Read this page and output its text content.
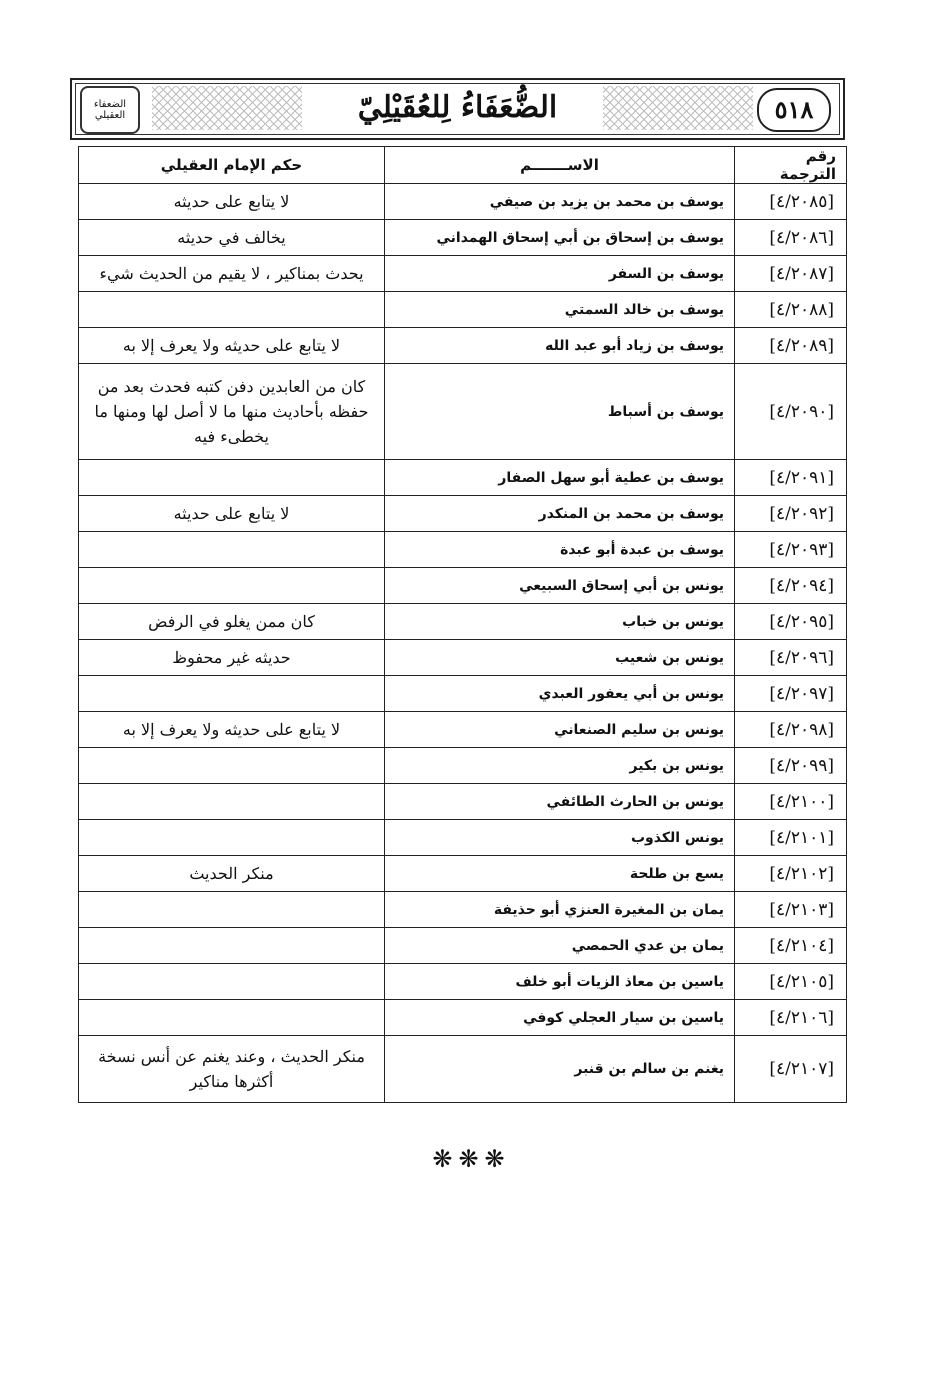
الضعفاء العقيلي	الضُّعَفَاءُ لِلعُقَيْلِيّ	٥١٨
رقم الترجمة	الاســـــــم	حكم الإمام العقيلي
[٤/٢٠٨٥]	يوسف بن محمد بن يزيد بن صيفي	لا يتابع على حديثه
[٤/٢٠٨٦]	يوسف بن إسحاق بن أبي إسحاق الهمداني	يخالف في حديثه
[٤/٢٠٨٧]	يوسف بن السفر	يحدث بمناكير ، لا يقيم من الحديث شيء
[٤/٢٠٨٨]	يوسف بن خالد السمتي	
[٤/٢٠٨٩]	يوسف بن زياد أبو عبد الله	لا يتابع على حديثه ولا يعرف إلا به
[٤/٢٠٩٠]	يوسف بن أسباط	كان من العابدين دفن كتبه فحدث بعد من حفظه بأحاديث منها ما لا أصل لها ومنها ما يخطىء فيه
[٤/٢٠٩١]	يوسف بن عطية أبو سهل الصفار	
[٤/٢٠٩٢]	يوسف بن محمد بن المنكدر	لا يتابع على حديثه
[٤/٢٠٩٣]	يوسف بن عبدة أبو عبدة	
[٤/٢٠٩٤]	يونس بن أبي إسحاق السبيعي	
[٤/٢٠٩٥]	يونس بن خباب	كان ممن يغلو في الرفض
[٤/٢٠٩٦]	يونس بن شعيب	حديثه غير محفوظ
[٤/٢٠٩٧]	يونس بن أبي يعفور العبدي	
[٤/٢٠٩٨]	يونس بن سليم الصنعاني	لا يتابع على حديثه ولا يعرف إلا به
[٤/٢٠٩٩]	يونس بن بكير	
[٤/٢١٠٠]	يونس بن الحارث الطائفي	
[٤/٢١٠١]	يونس الكذوب	
[٤/٢١٠٢]	يسع بن طلحة	منكر الحديث
[٤/٢١٠٣]	يمان بن المغيرة العنزي أبو حذيفة	
[٤/٢١٠٤]	يمان بن عدي الحمصي	
[٤/٢١٠٥]	ياسين بن معاذ الزيات أبو خلف	
[٤/٢١٠٦]	ياسين بن سيار العجلي كوفي	
[٤/٢١٠٧]	يغنم بن سالم بن قنبر	منكر الحديث ، وعند يغنم عن أنس نسخة أكثرها مناكير
❋❋❋
